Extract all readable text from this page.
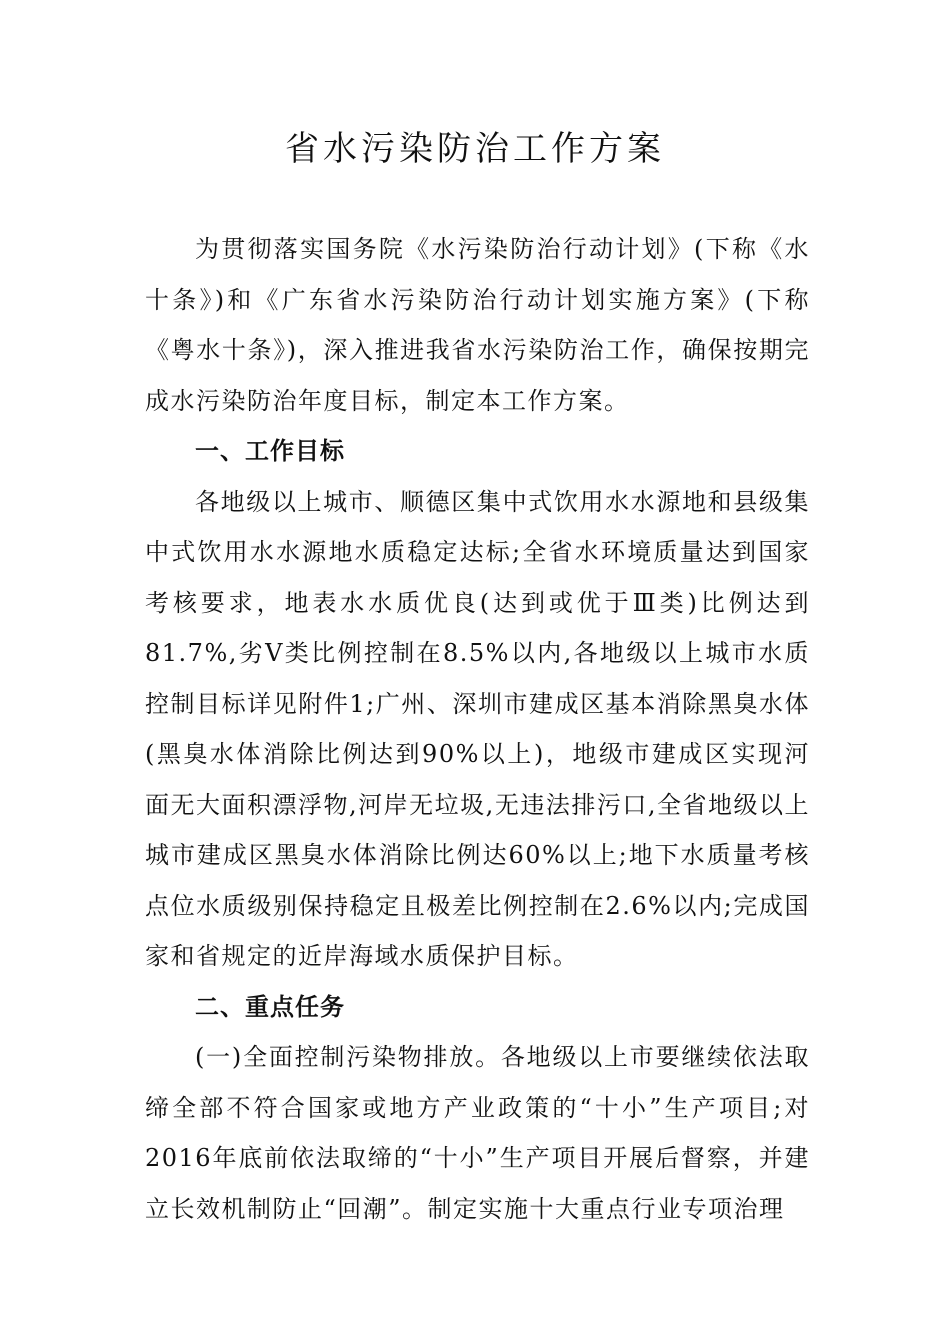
省水污染防治工作方案

为贯彻落实国务院《水污染防治行动计划》(下称《水十条》)和《广东省水污染防治行动计划实施方案》(下称《粤水十条》)，深入推进我省水污染防治工作，确保按期完成水污染防治年度目标，制定本工作方案。

一、工作目标

各地级以上城市、顺德区集中式饮用水水源地和县级集中式饮用水水源地水质稳定达标;全省水环境质量达到国家考核要求，地表水水质优良(达到或优于Ⅲ类)比例达到81.7%,劣Ⅴ类比例控制在8.5%以内,各地级以上城市水质控制目标详见附件1;广州、深圳市建成区基本消除黑臭水体(黑臭水体消除比例达到90%以上)，地级市建成区实现河面无大面积漂浮物,河岸无垃圾,无违法排污口,全省地级以上城市建成区黑臭水体消除比例达60%以上;地下水质量考核点位水质级别保持稳定且极差比例控制在2.6%以内;完成国家和省规定的近岸海域水质保护目标。

二、重点任务

(一)全面控制污染物排放。各地级以上市要继续依法取缔全部不符合国家或地方产业政策的“十小”生产项目;对2016年底前依法取缔的“十小”生产项目开展后督察，并建立长效机制防止“回潮”。制定实施十大重点行业专项治理
